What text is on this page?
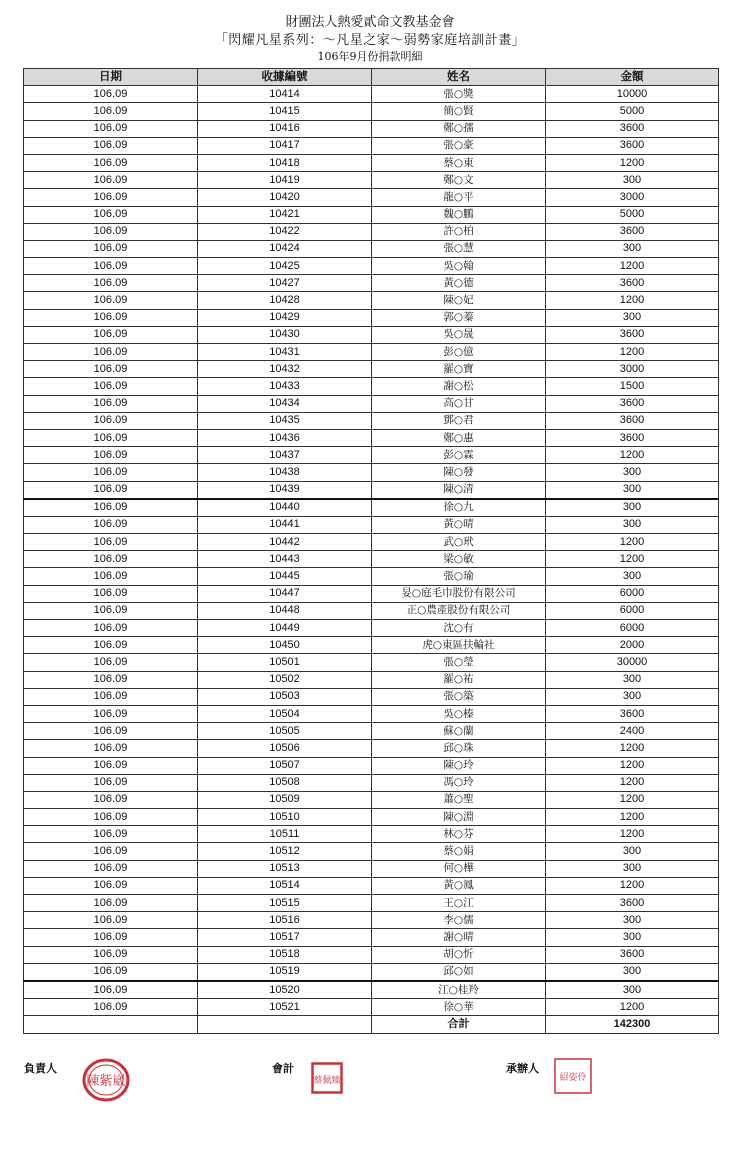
財團法人熱愛貳命文教基金會
「閃耀凡星系列：～凡星之家～弱勢家庭培訓計畫」
106年9月份捐款明細
日期	收據編號	姓名	金額
106.09	10414	張○獎	10000
106.09	10415	簡○賢	5000
106.09	10416	鄭○孺	3600
106.09	10417	張○豪	3600
106.09	10418	蔡○東	1200
106.09	10419	鄭○文	300
106.09	10420	龍○平	3000
106.09	10421	魏○鵬	5000
106.09	10422	許○柏	3600
106.09	10424	張○慧	300
106.09	10425	吳○翰	1200
106.09	10427	黃○德	3600
106.09	10428	陳○妃	1200
106.09	10429	郭○蓁	300
106.09	10430	吳○晟	3600
106.09	10431	彭○億	1200
106.09	10432	羅○寶	3000
106.09	10433	謝○松	1500
106.09	10434	高○甘	3600
106.09	10435	鄧○君	3600
106.09	10436	鄭○惠	3600
106.09	10437	彭○霖	1200
106.09	10438	陳○發	300
106.09	10439	陳○清	300
106.09	10440	徐○九	300
106.09	10441	黃○晴	300
106.09	10442	武○玳	1200
106.09	10443	梁○敏	1200
106.09	10445	張○瑜	300
106.09	10447	妟○庭毛巾股份有限公司	6000
106.09	10448	正○農產股份有限公司	6000
106.09	10449	沈○有	6000
106.09	10450	虎○東區扶輪社	2000
106.09	10501	張○瑩	30000
106.09	10502	羅○祐	300
106.09	10503	張○築	300
106.09	10504	吳○榛	3600
106.09	10505	蘇○蘭	2400
106.09	10506	邱○珠	1200
106.09	10507	陳○玲	1200
106.09	10508	馮○玲	1200
106.09	10509	蕭○聖	1200
106.09	10510	陳○淵	1200
106.09	10511	林○芬	1200
106.09	10512	蔡○娟	300
106.09	10513	何○樺	300
106.09	10514	黃○鳳	1200
106.09	10515	王○江	3600
106.09	10516	李○儒	300
106.09	10517	謝○晴	300
106.09	10518	胡○忻	3600
106.09	10519	邱○如	300
106.09	10520	江○桂羚	300
106.09	10521	徐○華	1200
		合計	142300
負責人
陳紫崴
會計
蔡佩臻
承辦人
紹姿伶
